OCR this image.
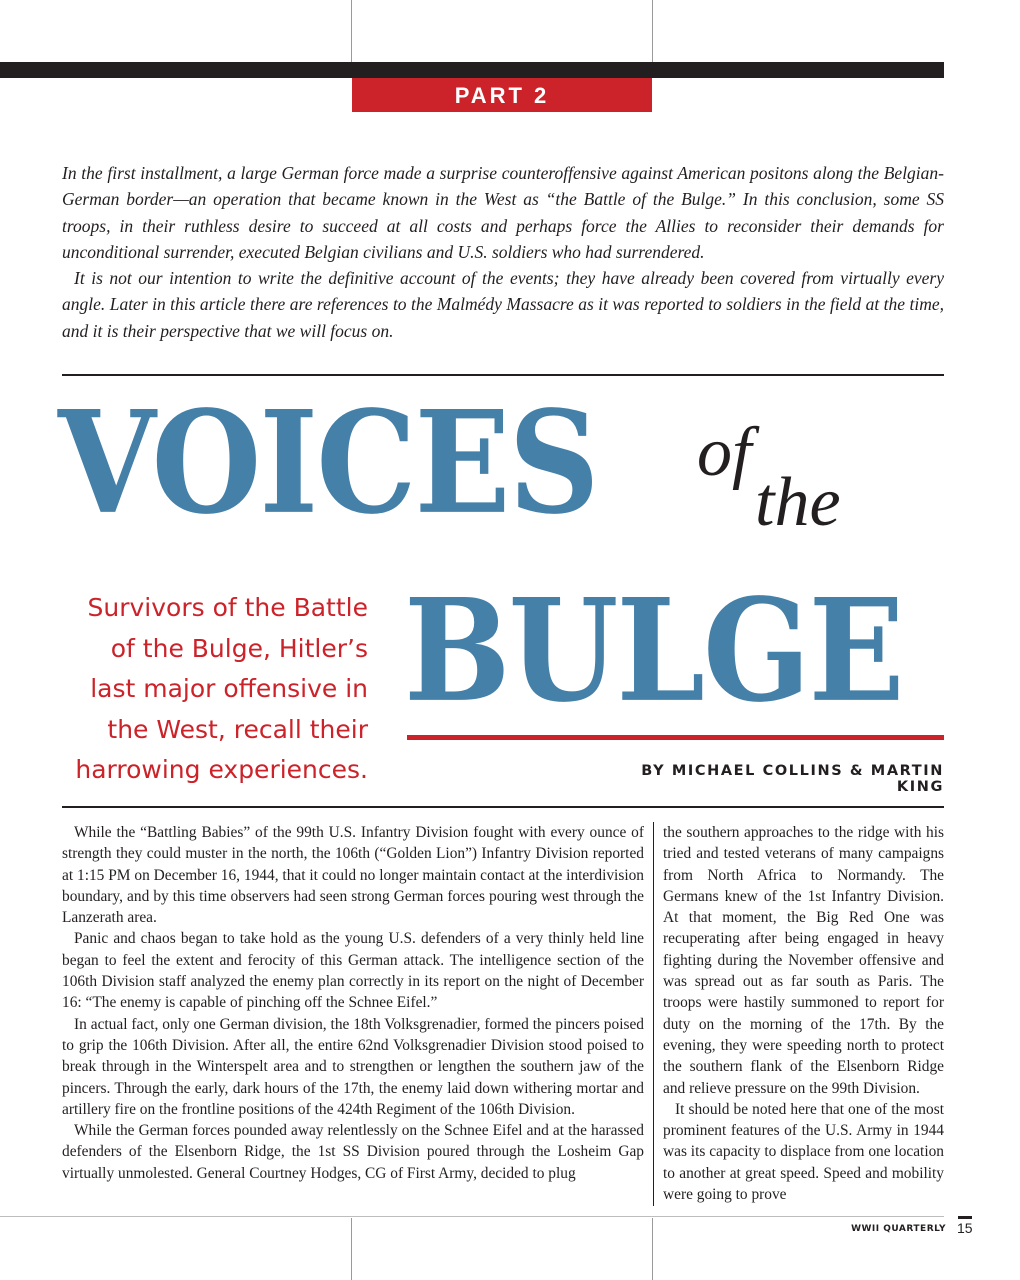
PART 2

In the first installment, a large German force made a surprise counteroffensive against American positons along the Belgian-German border—an operation that became known in the West as “the Battle of the Bulge.” In this conclusion, some SS troops, in their ruthless desire to succeed at all costs and perhaps force the Allies to reconsider their demands for unconditional surrender, executed Belgian civilians and U.S. soldiers who had surrendered.

It is not our intention to write the definitive account of the events; they have already been covered from virtually every angle. Later in this article there are references to the Malmédy Massacre as it was reported to soldiers in the field at the time, and it is their perspective that we will focus on.

VOICES of
the
BULGE
Survivors of the Battle of the Bulge, Hitler’s last major offensive in the West, recall their harrowing experiences.	BY MICHAEL COLLINS & MARTIN KING

While the “Battling Babies” of the 99th U.S. Infantry Division fought with every ounce of strength they could muster in the north, the 106th (“Golden Lion”) Infantry Division reported at 1:15 PM on December 16, 1944, that it could no longer maintain contact at the interdivision boundary, and by this time observers had seen strong German forces pouring west through the Lanzerath area.

Panic and chaos began to take hold as the young U.S. defenders of a very thinly held line began to feel the extent and ferocity of this German attack. The intelligence section of the 106th Division staff analyzed the enemy plan correctly in its report on the night of December 16: “The enemy is capable of pinching off the Schnee Eifel.”

In actual fact, only one German division, the 18th Volksgrenadier, formed the pincers poised to grip the 106th Division. After all, the entire 62nd Volksgrenadier Division stood poised to break through in the Winterspelt area and to strengthen or lengthen the southern jaw of the pincers. Through the early, dark hours of the 17th, the enemy laid down withering mortar and artillery fire on the frontline positions of the 424th Regiment of the 106th Division.

While the German forces pounded away relentlessly on the Schnee Eifel and at the harassed defenders of the Elsenborn Ridge, the 1st SS Division poured through the Losheim Gap virtually unmolested. General Courtney Hodges, CG of First Army, decided to plug

the southern approaches to the ridge with his tried and tested veterans of many campaigns from North Africa to Normandy. The Germans knew of the 1st Infantry Division. At that moment, the Big Red One was recuperating after being engaged in heavy fighting during the November offensive and was spread out as far south as Paris. The troops were hastily summoned to report for duty on the morning of the 17th. By the evening, they were speeding north to protect the southern flank of the Elsenborn Ridge and relieve pressure on the 99th Division.

It should be noted here that one of the most prominent features of the U.S. Army in 1944 was its capacity to displace from one location to another at great speed. Speed and mobility were going to prove

WWII QUARTERLY 15
